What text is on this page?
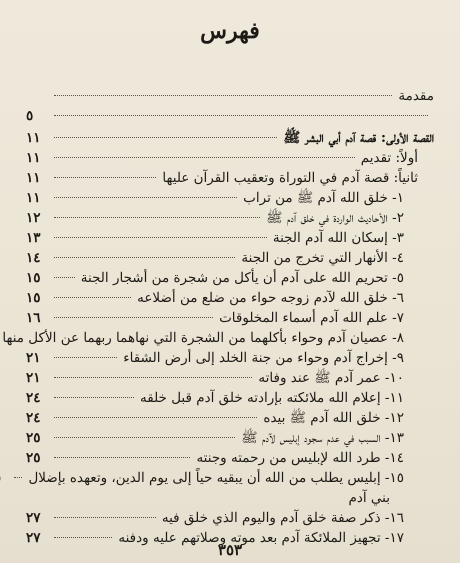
فهرس
مقدمة
٥
القصة الأولى: قصة آدم أبي البشر ﷺ
١١
أولاً: تقديم
١١
ثانياً: قصة آدم في التوراة وتعقيب القرآن عليها
١١
١- خلق الله آدم ﷺ من تراب
١١
٢- الأحاديث الواردة في خلق آدم ﷺ
١٢
٣- إسكان الله آدم الجنة
١٣
٤- الأنهار التي تخرج من الجنة
١٤
٥- تحريم الله على آدم أن يأكل من شجرة من أشجار الجنة
١٥
٦- خلق الله لآدم زوجه حواء من ضلع من أضلاعه
١٥
٧- علم الله آدم أسماء المخلوقات
١٦
٨- عصيان آدم وحواء بأكلهما من الشجرة التي نهاهما ربهما عن الأكل منها
٩- إخراج آدم وحواء من جنة الخلد إلى أرض الشقاء
٢١
١٠- عمر آدم ﷺ عند وفاته
٢١
١١- إعلام الله ملائكته بإرادته خلق آدم قبل خلقه
٢٤
١٢- خلق الله آدم ﷺ بيده
٢٤
١٣- السبب في عدم سجود إبليس لآدم ﷺ
٢٥
١٤- طرد الله لإبليس من رحمته وجنته
٢٥
١٥- إبليس يطلب من الله أن يبقيه حياً إلى يوم الدين، وتعهده بإضلال
بني آدم
١٦- ذكر صفة خلق آدم واليوم الذي خلق فيه
٢٧
١٧- تجهيز الملائكة آدم بعد موته وصلاتهم عليه ودفنه
٢٧
٣٥٣
